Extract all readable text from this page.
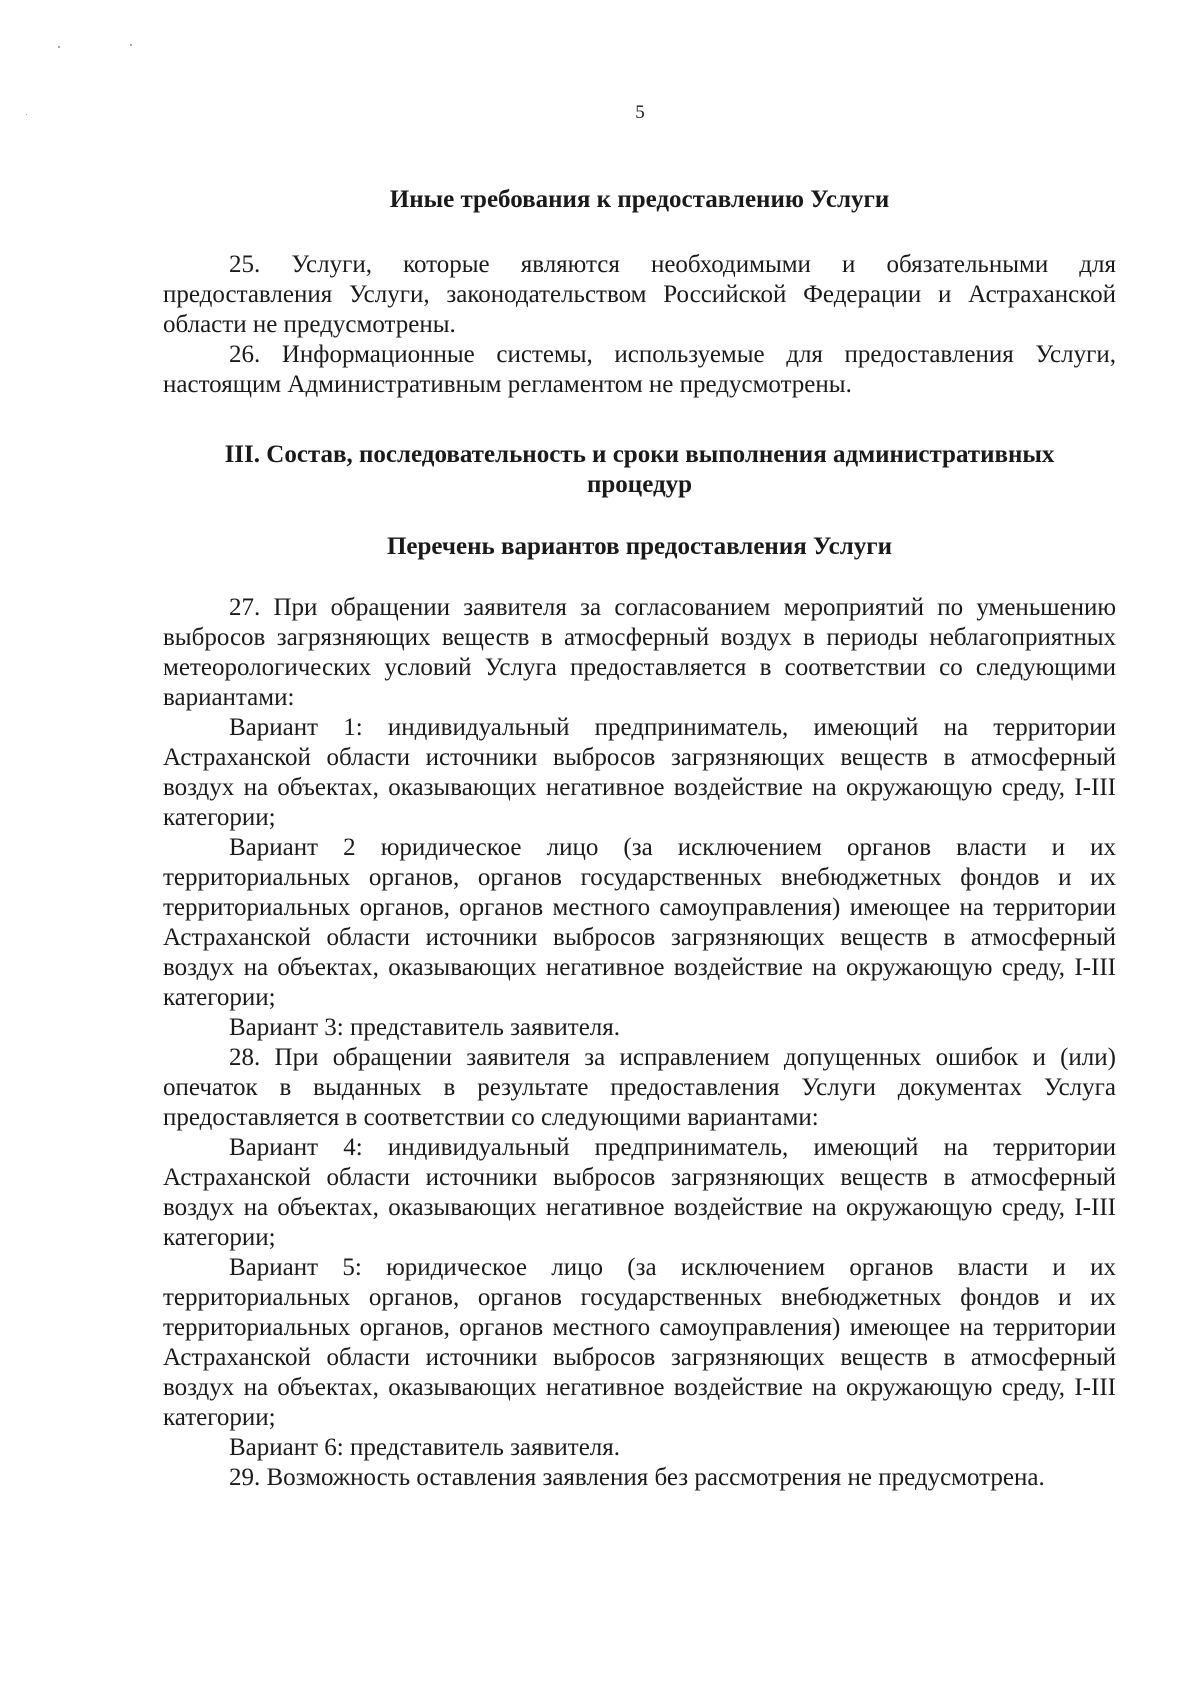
5
Иные требования к предоставлению Услуги

25. Услуги, которые являются необходимыми и обязательными для предоставления Услуги, законодательством Российской Федерации и Астраханской области не предусмотрены.

26. Информационные системы, используемые для предоставления Услуги, настоящим Административным регламентом не предусмотрены.

III. Состав, последовательность и сроки выполнения административных процедур
Перечень вариантов предоставления Услуги

27. При обращении заявителя за согласованием мероприятий по уменьшению выбросов загрязняющих веществ в атмосферный воздух в периоды неблагоприятных метеорологических условий Услуга предоставляется в соответствии со следующими вариантами:

Вариант 1: индивидуальный предприниматель, имеющий на территории Астраханской области источники выбросов загрязняющих веществ в атмосферный воздух на объектах, оказывающих негативное воздействие на окружающую среду, I-III категории;

Вариант 2 юридическое лицо (за исключением органов власти и их территориальных органов, органов государственных внебюджетных фондов и их территориальных органов, органов местного самоуправления) имеющее на территории Астраханской области источники выбросов загрязняющих веществ в атмосферный воздух на объектах, оказывающих негативное воздействие на окружающую среду, I-III категории;

Вариант 3: представитель заявителя.

28. При обращении заявителя за исправлением допущенных ошибок и (или) опечаток в выданных в результате предоставления Услуги документах Услуга предоставляется в соответствии со следующими вариантами:

Вариант 4: индивидуальный предприниматель, имеющий на территории Астраханской области источники выбросов загрязняющих веществ в атмосферный воздух на объектах, оказывающих негативное воздействие на окружающую среду, I-III категории;

Вариант 5: юридическое лицо (за исключением органов власти и их территориальных органов, органов государственных внебюджетных фондов и их территориальных органов, органов местного самоуправления) имеющее на территории Астраханской области источники выбросов загрязняющих веществ в атмосферный воздух на объектах, оказывающих негативное воздействие на окружающую среду, I-III категории;

Вариант 6: представитель заявителя.

29. Возможность оставления заявления без рассмотрения не предусмотрена.
